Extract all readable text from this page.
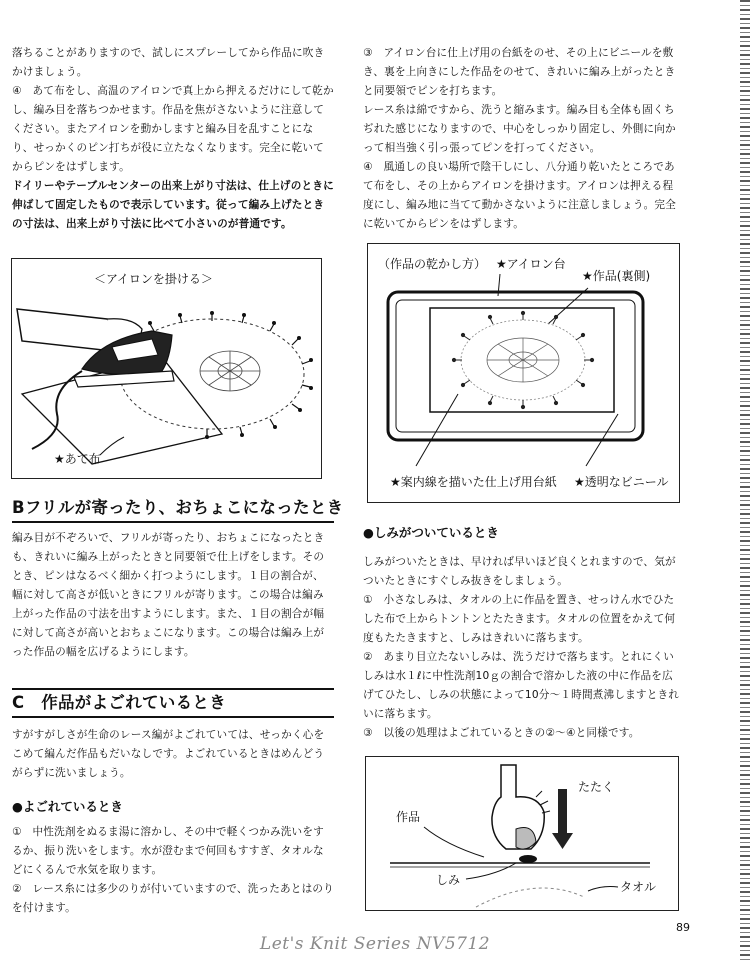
落ちることがありますので、試しにスプレーしてから作品に吹きかけましょう。

④　あて布をし、高温のアイロンで真上から押えるだけにして乾かし、編み目を落ちつかせます。作品を焦がさないように注意してください。またアイロンを動かしますと編み目を乱すことになり、せっかくのピン打ちが役に立たなくなります。完全に乾いてからピンをはずします。

ドイリーやテーブルセンターの出来上がり寸法は、仕上げのときに伸ばして固定したもので表示しています。従って編み上げたときの寸法は、出来上がり寸法に比べて小さいのが普通です。

＜アイロンを掛ける＞
★あて布
Bフリルが寄ったり、おちょこになったとき

編み目が不ぞろいで、フリルが寄ったり、おちょこになったときも、きれいに編み上がったときと同要領で仕上げをします。そのとき、ピンはなるべく細かく打つようにします。１目の割合が、幅に対して高さが低いときにフリルが寄ります。この場合は編み上がった作品の寸法を出すようにします。また、１目の割合が幅に対して高さが高いとおちょこになります。この場合は編み上がった作品の幅を広げるようにします。

C　作品がよごれているとき

すがすがしさが生命のレース編がよごれていては、せっかく心をこめて編んだ作品もだいなしです。よごれているときはめんどうがらずに洗いましょう。

●よごれているとき

①　中性洗剤をぬるま湯に溶かし、その中で軽くつかみ洗いをするか、振り洗いをします。水が澄むまで何回もすすぎ、タオルなどにくるんで水気を取ります。

②　レース糸には多少のりが付いていますので、洗ったあとはのりを付けます。

③　アイロン台に仕上げ用の台紙をのせ、その上にビニールを敷き、裏を上向きにした作品をのせて、きれいに編み上がったときと同要領でピンを打ちます。

レース糸は綿ですから、洗うと縮みます。編み目も全体も固くちぢれた感じになりますので、中心をしっかり固定し、外側に向かって相当強く引っ張ってピンを打ってください。

④　風通しの良い場所で陰干しにし、八分通り乾いたところであて布をし、その上からアイロンを掛けます。アイロンは押える程度にし、編み地に当てて動かさないように注意しましょう。完全に乾いてからピンをはずします。

（作品の乾かし方） ★アイロン台
★作品(裏側)
★案内線を描いた仕上げ用台紙 ★透明なビニール
●しみがついているとき

しみがついたときは、早ければ早いほど良くとれますので、気がついたときにすぐしみ抜きをしましょう。

①　小さなしみは、タオルの上に作品を置き、せっけん水でひたした布で上からトントンとたたきます。タオルの位置をかえて何度もたたきますと、しみはきれいに落ちます。

②　あまり目立たないしみは、洗うだけで落ちます。とれにくいしみは水１ℓに中性洗剤10ｇの割合で溶かした液の中に作品を広げてひたし、しみの状態によって10分～１時間煮沸しますときれいに落ちます。

③　以後の処理はよごれているときの②～④と同様です。

たたく
作品
しみ	タオル
89
Let's Knit Series NV5712
